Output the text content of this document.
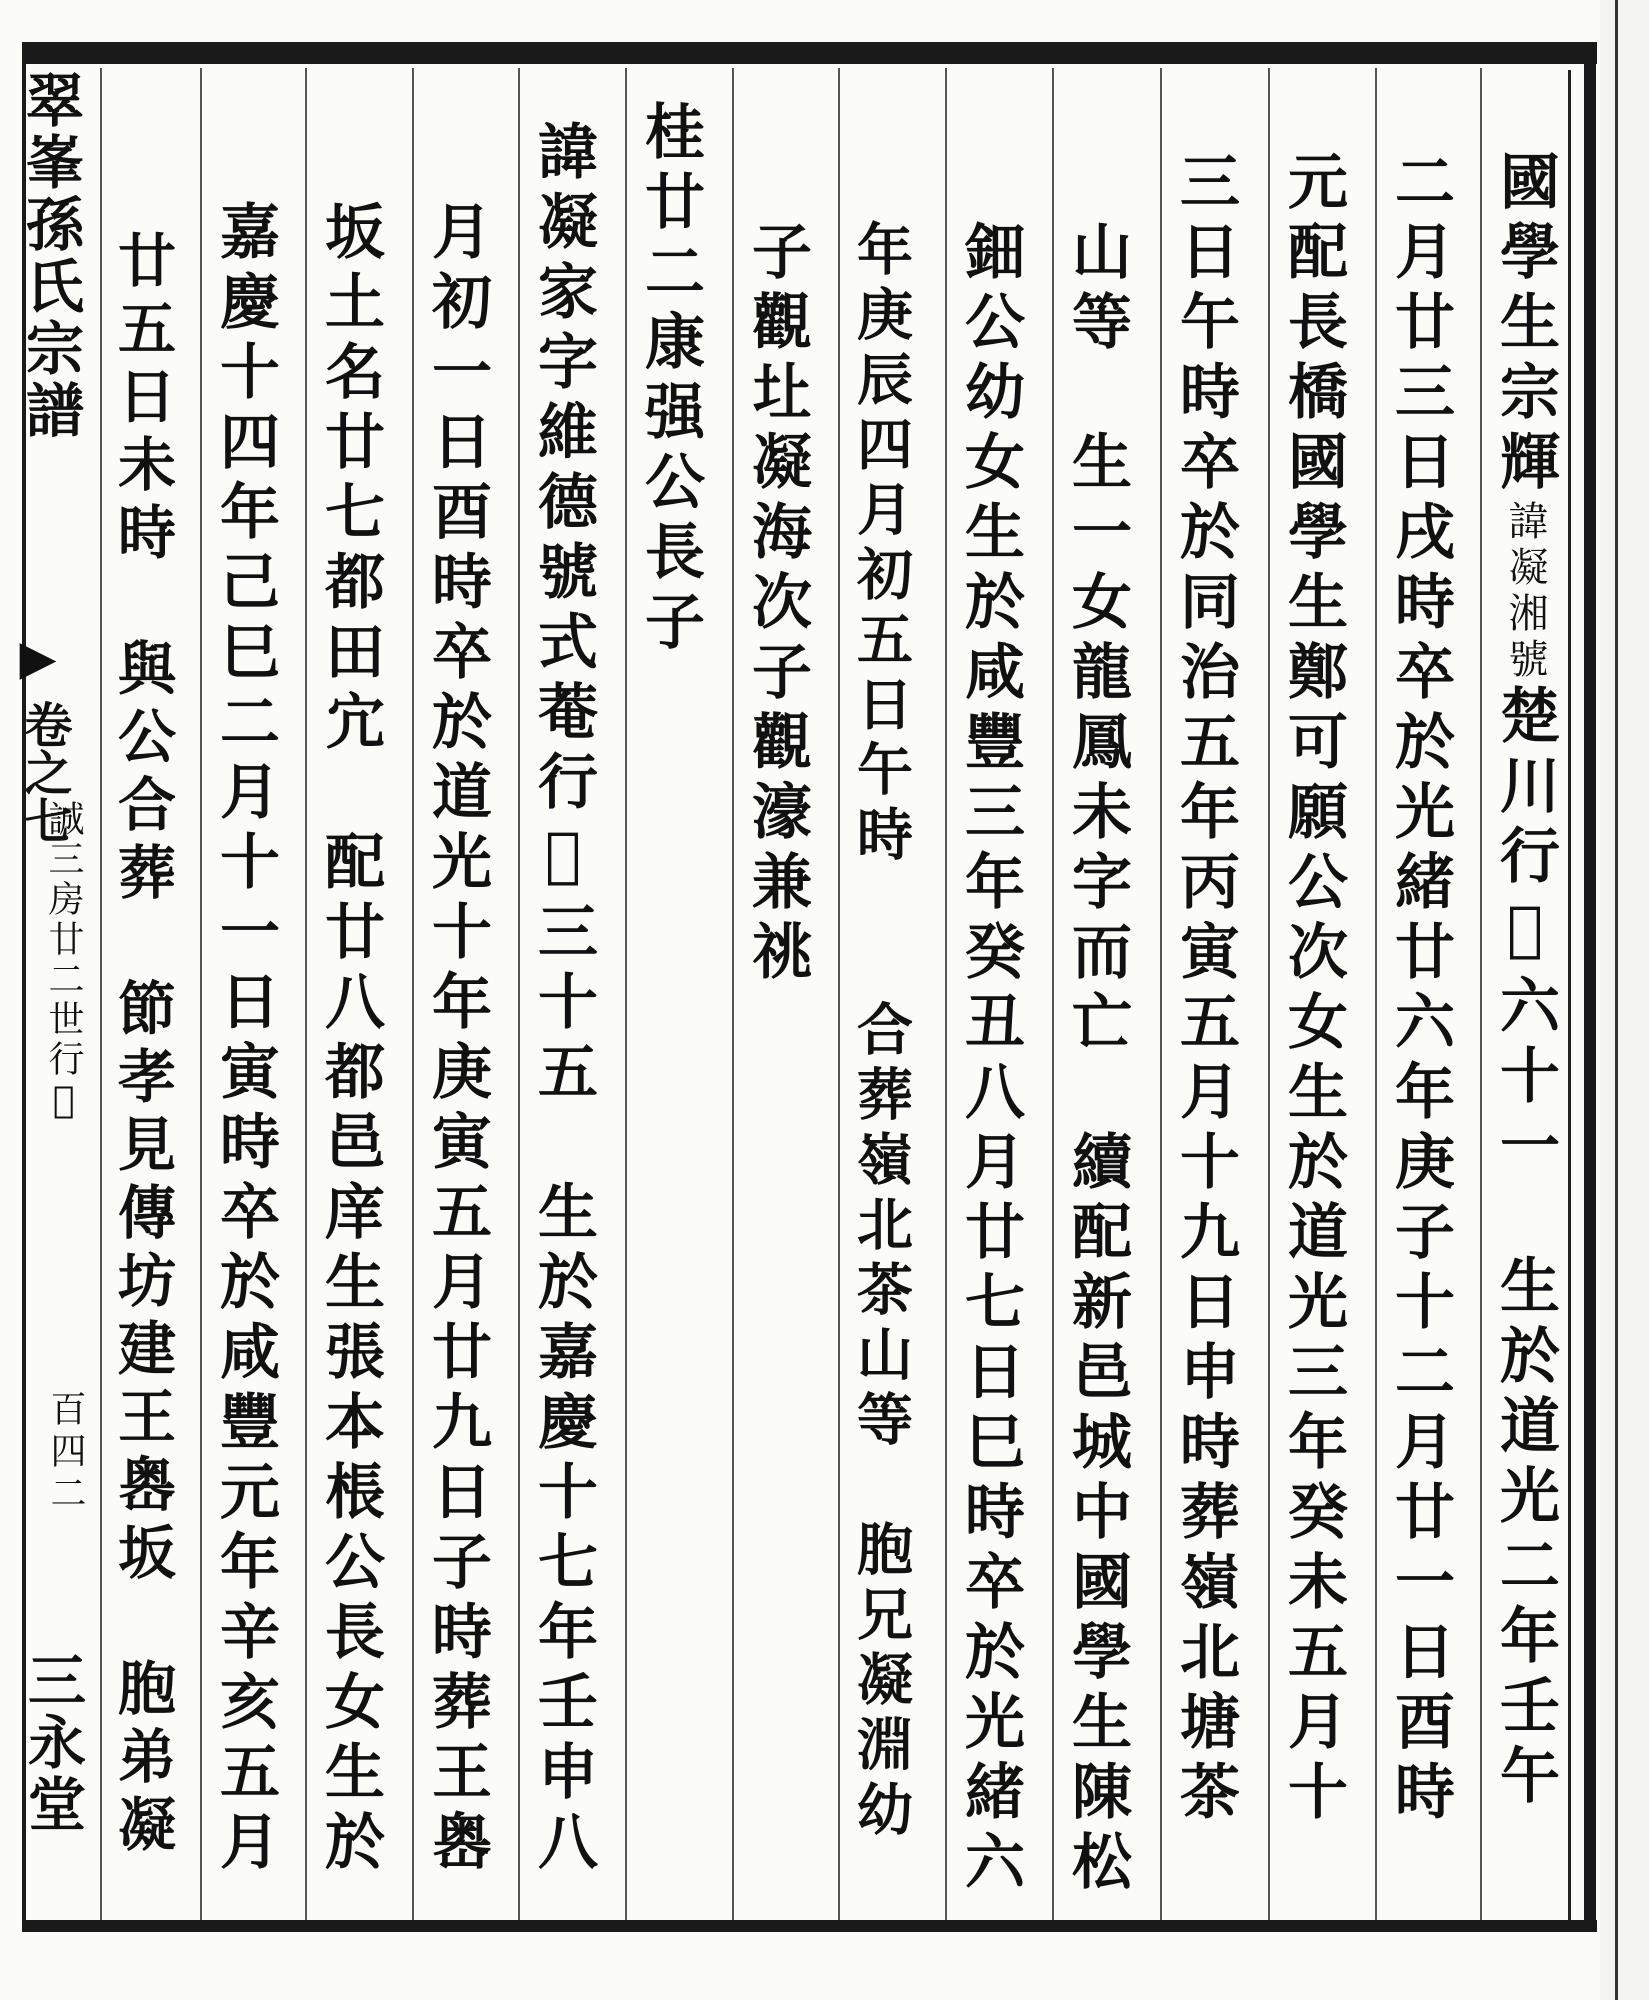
翠峯孫氏宗譜
▶
卷之七
誠三房廿二世行𦎟
百四二
三永堂
國學生宗輝諱凝湘號楚川行𦎟六十一　生於道光二年壬午
二月廿三日戌時卒於光緒廿六年庚子十二月廿一日酉時
元配長橋國學生鄭可願公次女生於道光三年癸未五月十
三日午時卒於同治五年丙寅五月十九日申時葬嶺北塘茶
山等　生一女龍鳳未字而亡　續配新邑城中國學生陳松
鈿公幼女生於咸豐三年癸丑八月廿七日巳時卒於光緒六
年庚辰四月初五日午時　　合葬嶺北茶山等　胞兄凝淵幼
子觀圵凝海次子觀濠兼祧
桂廿二康强公長子
諱凝家字維德號式菴行𦎟三十五　生於嘉慶十七年壬申八
月初一日酉時卒於道光十年庚寅五月廿九日子時葬王嶴
坂土名廿七都田宂　配廿八都邑庠生張本棖公長女生於
嘉慶十四年己巳二月十一日寅時卒於咸豐元年辛亥五月
廿五日未時　與公合葬　節孝見傳坊建王嶴坂　胞弟凝
